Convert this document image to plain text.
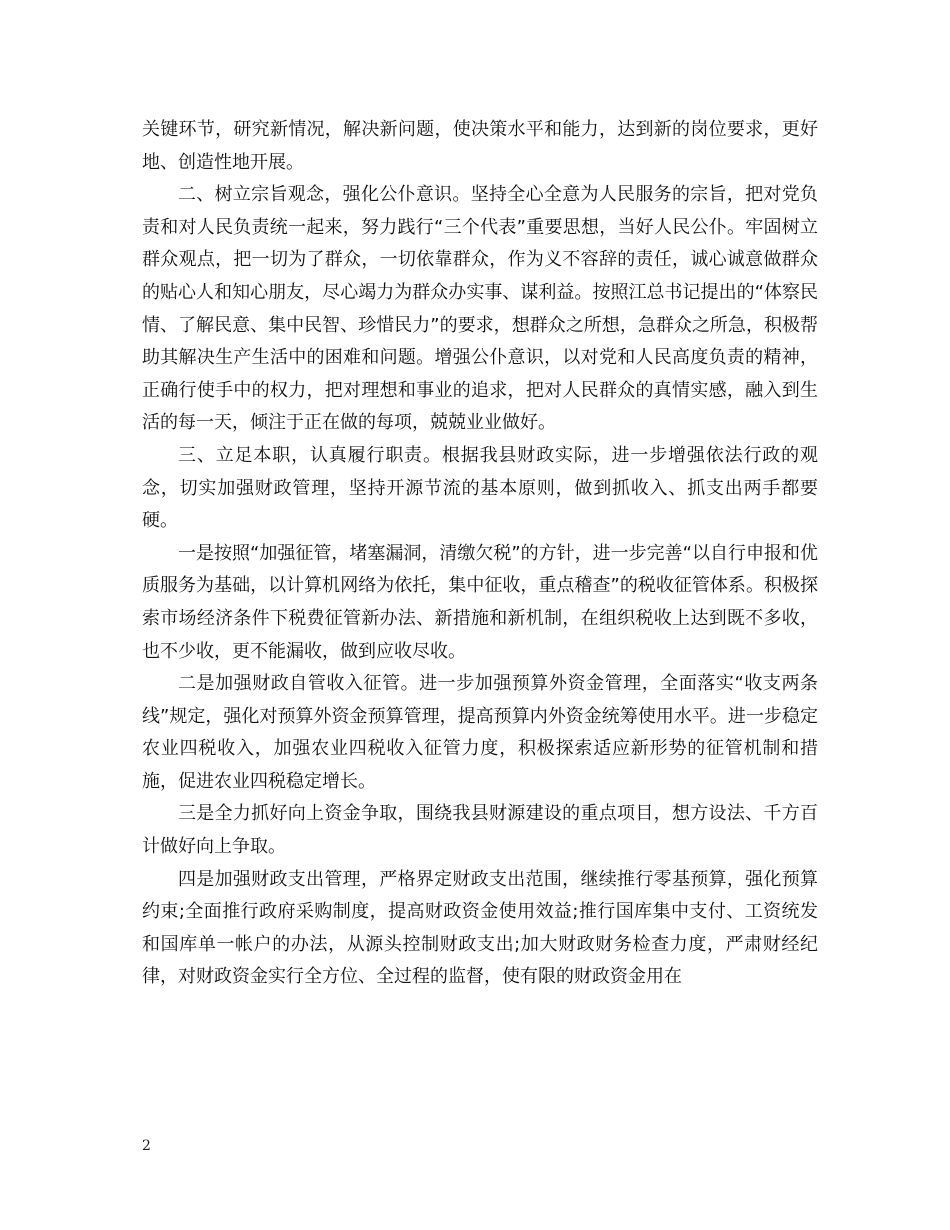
关键环节，研究新情况，解决新问题，使决策水平和能力，达到新的岗位要求，更好地、创造性地开展。

二、树立宗旨观念，强化公仆意识。坚持全心全意为人民服务的宗旨，把对党负责和对人民负责统一起来，努力践行“三个代表”重要思想，当好人民公仆。牢固树立群众观点，把一切为了群众，一切依靠群众，作为义不容辞的责任，诚心诚意做群众的贴心人和知心朋友，尽心竭力为群众办实事、谋利益。按照江总书记提出的“体察民情、了解民意、集中民智、珍惜民力”的要求，想群众之所想，急群众之所急，积极帮助其解决生产生活中的困难和问题。增强公仆意识，以对党和人民高度负责的精神，正确行使手中的权力，把对理想和事业的追求，把对人民群众的真情实感，融入到生活的每一天，倾注于正在做的每项，兢兢业业做好。

三、立足本职，认真履行职责。根据我县财政实际，进一步增强依法行政的观念，切实加强财政管理，坚持开源节流的基本原则，做到抓收入、抓支出两手都要硬。

一是按照“加强征管，堵塞漏洞，清缴欠税”的方针，进一步完善“以自行申报和优质服务为基础，以计算机网络为依托，集中征收，重点稽查”的税收征管体系。积极探索市场经济条件下税费征管新办法、新措施和新机制，在组织税收上达到既不多收，也不少收，更不能漏收，做到应收尽收。

二是加强财政自管收入征管。进一步加强预算外资金管理，全面落实“收支两条线”规定，强化对预算外资金预算管理，提高预算内外资金统筹使用水平。进一步稳定农业四税收入，加强农业四税收入征管力度，积极探索适应新形势的征管机制和措施，促进农业四税稳定增长。

三是全力抓好向上资金争取，围绕我县财源建设的重点项目，想方设法、千方百计做好向上争取。

四是加强财政支出管理，严格界定财政支出范围，继续推行零基预算，强化预算约束;全面推行政府采购制度，提高财政资金使用效益;推行国库集中支付、工资统发和国库单一帐户的办法，从源头控制财政支出;加大财政财务检查力度，严肃财经纪律，对财政资金实行全方位、全过程的监督，使有限的财政资金用在

2
